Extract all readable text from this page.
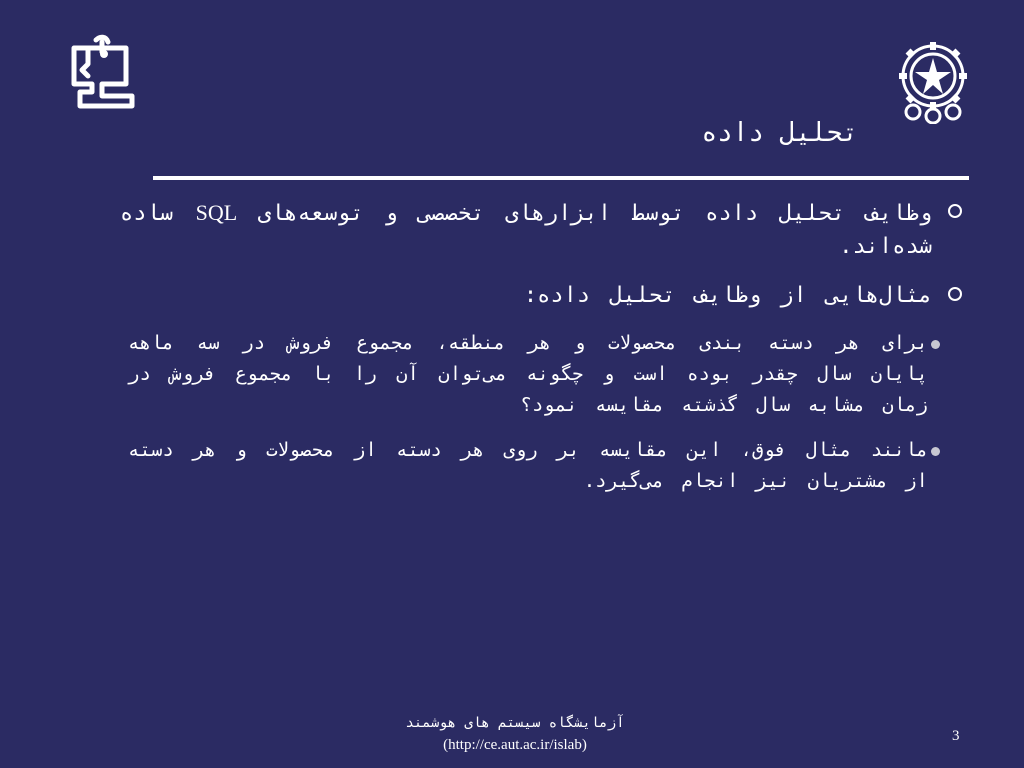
تحلیل داده
وظایف تحلیل داده توسط ابزارهای تخصصی و توسعه‌های SQL ساده شده‌اند.
مثال‌هایی از وظایف تحلیل داده:
برای هر دسته بندی محصولات و هر منطقه، مجموع فروش در سه ماهه پایان سال چقدر بوده است و چگونه می‌توان آن را با مجموع فروش در زمان مشابه سال گذشته مقایسه نمود؟
مانند مثال فوق، این مقایسه بر روی هر دسته از محصولات و هر دسته از مشتریان نیز انجام می‌گیرد.
آزمایشگاه سیستم های هوشمند
(http://ce.aut.ac.ir/islab)
3
